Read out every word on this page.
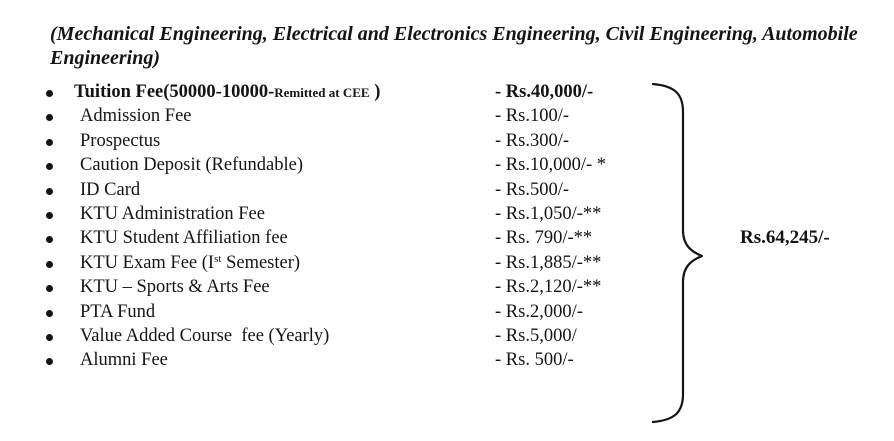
(Mechanical Engineering, Electrical and Electronics Engineering, Civil Engineering, Automobile Engineering)

Tuition Fee(50000-10000-Remitted at CEE )	- Rs.40,000/-
Admission Fee	- Rs.100/-
Prospectus	- Rs.300/-
Caution Deposit (Refundable)	- Rs.10,000/- *
ID Card	- Rs.500/-
KTU Administration Fee	- Rs.1,050/-**
KTU Student Affiliation fee	- Rs. 790/-**
KTU Exam Fee (Ist Semester)	- Rs.1,885/-**
KTU – Sports & Arts Fee	- Rs.2,120/-**
PTA Fund	- Rs.2,000/-
Value Added Course  fee (Yearly)	- Rs.5,000/
Alumni Fee	- Rs. 500/-
Rs.64,245/-
